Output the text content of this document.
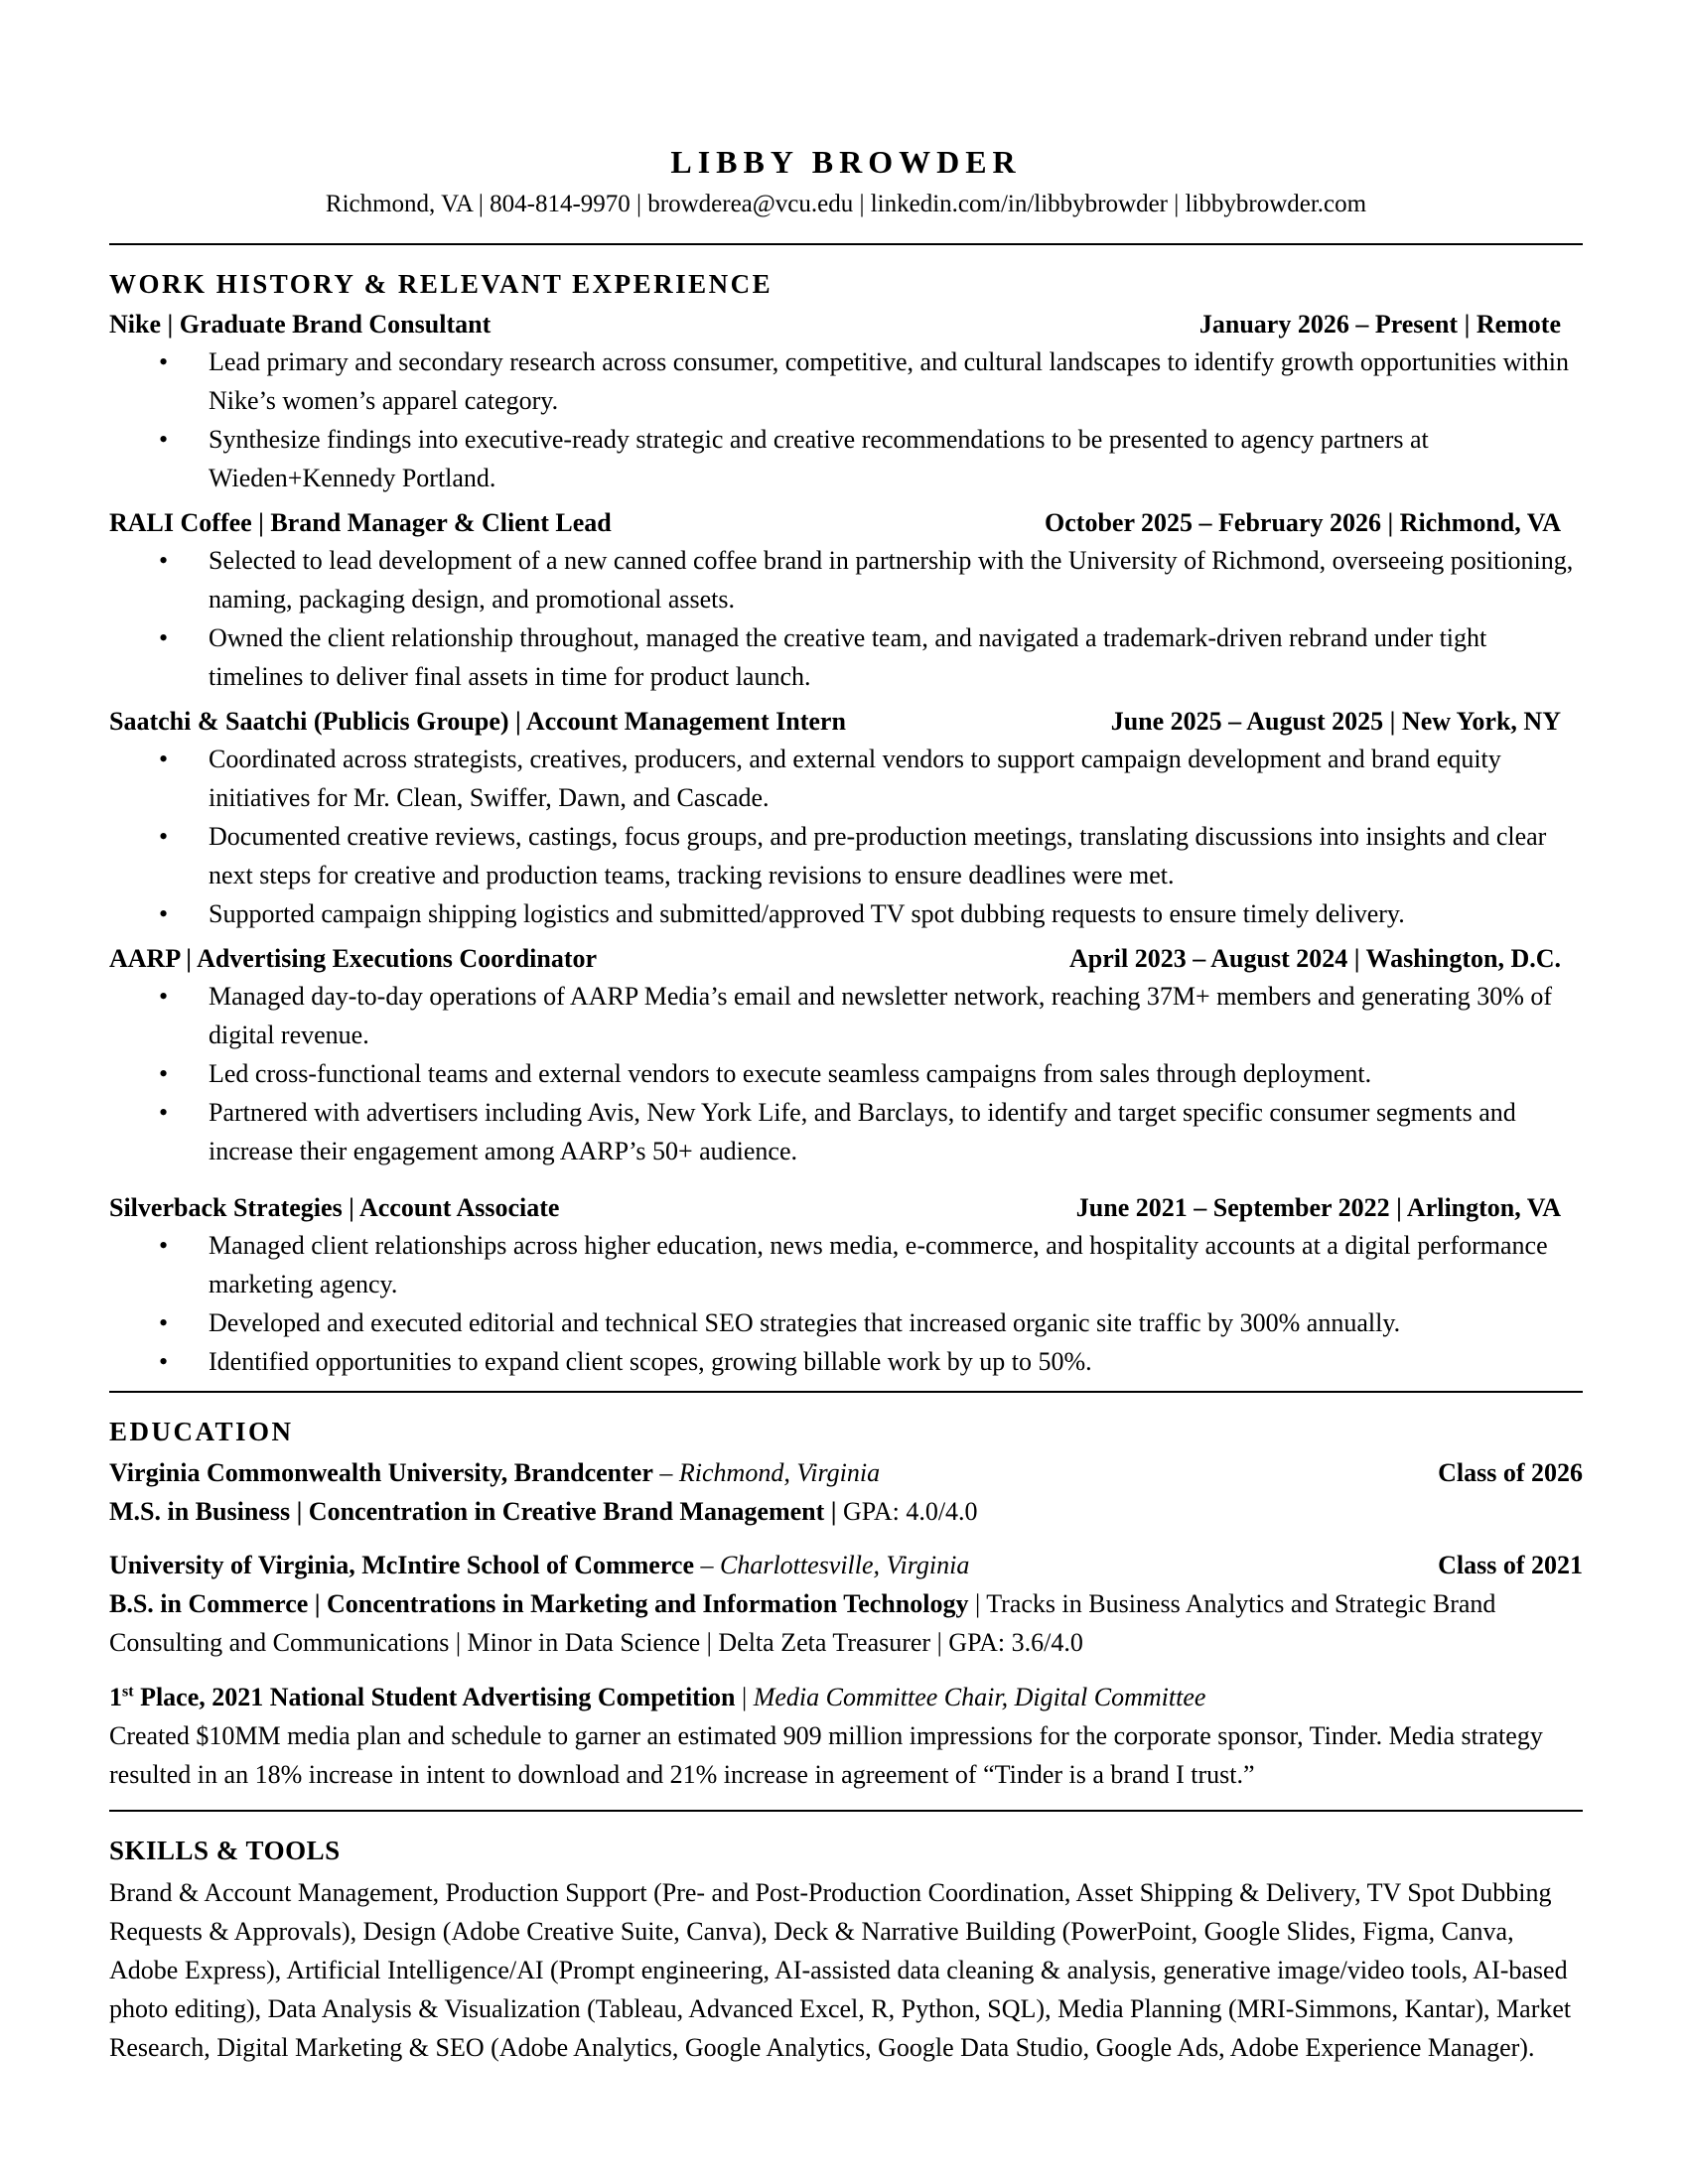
LIBBY BROWDER
Richmond, VA | 804-814-9970 | browderea@vcu.edu | linkedin.com/in/libbybrowder | libbybrowder.com
WORK HISTORY & RELEVANT EXPERIENCE
Nike | Graduate Brand Consultant	January 2026 – Present | Remote
• Lead primary and secondary research across consumer, competitive, and cultural landscapes to identify growth opportunities within Nike’s women’s apparel category.
• Synthesize findings into executive-ready strategic and creative recommendations to be presented to agency partners at Wieden+Kennedy Portland.
RALI Coffee | Brand Manager & Client Lead	October 2025 – February 2026 | Richmond, VA
• Selected to lead development of a new canned coffee brand in partnership with the University of Richmond, overseeing positioning, naming, packaging design, and promotional assets.
• Owned the client relationship throughout, managed the creative team, and navigated a trademark-driven rebrand under tight timelines to deliver final assets in time for product launch.
Saatchi & Saatchi (Publicis Groupe) | Account Management Intern	June 2025 – August 2025 | New York, NY
• Coordinated across strategists, creatives, producers, and external vendors to support campaign development and brand equity initiatives for Mr. Clean, Swiffer, Dawn, and Cascade.
• Documented creative reviews, castings, focus groups, and pre-production meetings, translating discussions into insights and clear next steps for creative and production teams, tracking revisions to ensure deadlines were met.
• Supported campaign shipping logistics and submitted/approved TV spot dubbing requests to ensure timely delivery.
AARP | Advertising Executions Coordinator	April 2023 – August 2024 | Washington, D.C.
• Managed day-to-day operations of AARP Media’s email and newsletter network, reaching 37M+ members and generating 30% of digital revenue.
• Led cross-functional teams and external vendors to execute seamless campaigns from sales through deployment.
• Partnered with advertisers including Avis, New York Life, and Barclays, to identify and target specific consumer segments and increase their engagement among AARP’s 50+ audience.
Silverback Strategies | Account Associate	June 2021 – September 2022 | Arlington, VA
• Managed client relationships across higher education, news media, e-commerce, and hospitality accounts at a digital performance marketing agency.
• Developed and executed editorial and technical SEO strategies that increased organic site traffic by 300% annually.
• Identified opportunities to expand client scopes, growing billable work by up to 50%.
EDUCATION
Virginia Commonwealth University, Brandcenter – Richmond, Virginia	Class of 2026
M.S. in Business | Concentration in Creative Brand Management | GPA: 4.0/4.0
University of Virginia, McIntire School of Commerce – Charlottesville, Virginia	Class of 2021
B.S. in Commerce | Concentrations in Marketing and Information Technology | Tracks in Business Analytics and Strategic Brand Consulting and Communications | Minor in Data Science | Delta Zeta Treasurer | GPA: 3.6/4.0
1st Place, 2021 National Student Advertising Competition | Media Committee Chair, Digital Committee
Created $10MM media plan and schedule to garner an estimated 909 million impressions for the corporate sponsor, Tinder. Media strategy resulted in an 18% increase in intent to download and 21% increase in agreement of “Tinder is a brand I trust.”
SKILLS & TOOLS
Brand & Account Management, Production Support (Pre- and Post-Production Coordination, Asset Shipping & Delivery, TV Spot Dubbing Requests & Approvals), Design (Adobe Creative Suite, Canva), Deck & Narrative Building (PowerPoint, Google Slides, Figma, Canva, Adobe Express), Artificial Intelligence/AI (Prompt engineering, AI-assisted data cleaning & analysis, generative image/video tools, AI-based photo editing), Data Analysis & Visualization (Tableau, Advanced Excel, R, Python, SQL), Media Planning (MRI-Simmons, Kantar), Market Research, Digital Marketing & SEO (Adobe Analytics, Google Analytics, Google Data Studio, Google Ads, Adobe Experience Manager).
